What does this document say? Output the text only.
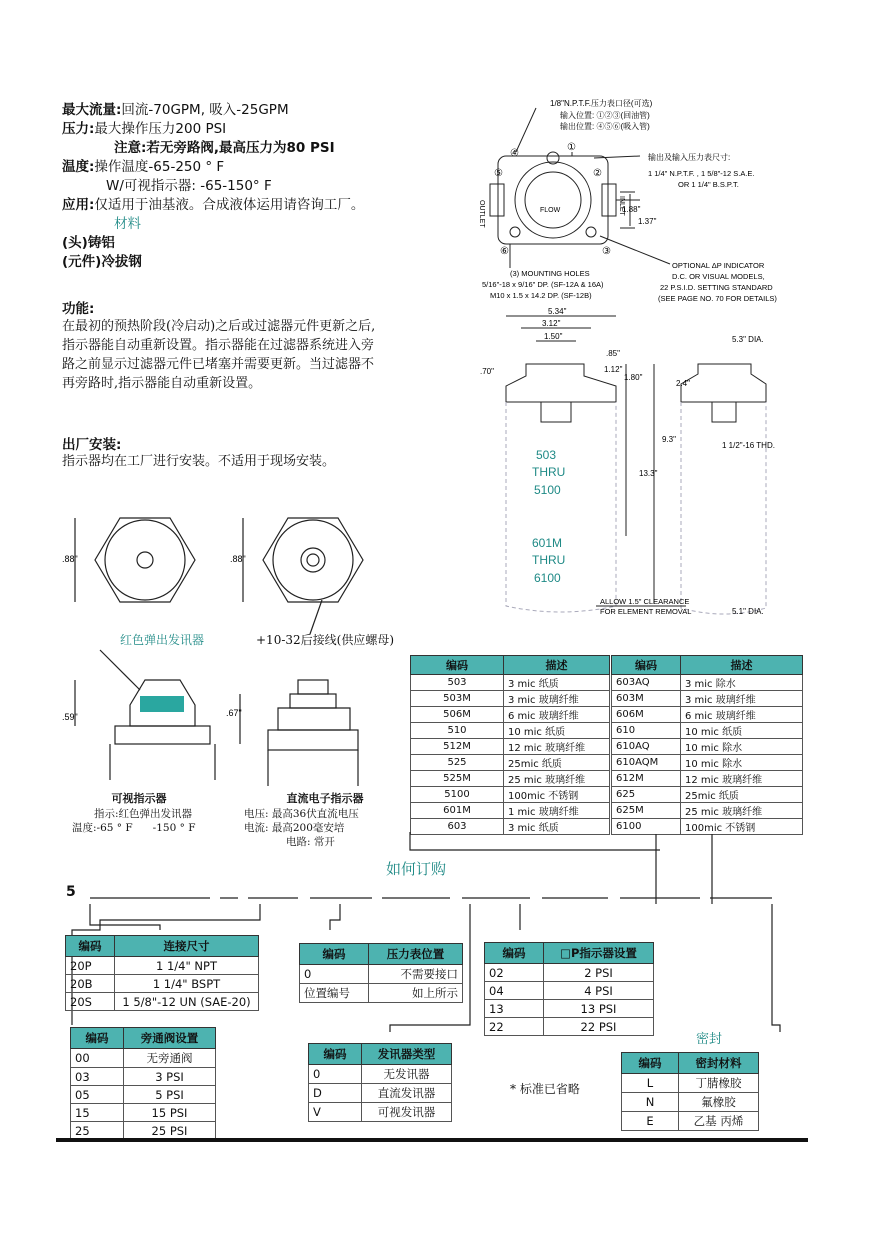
最大流量:回流-70GPM, 吸入-25GPM
压力:最大操作压力200 PSI
注意:若无旁路阀,最高压力为80 PSI
温度:操作温度-65-250 ° F
W/可视指示器: -65-150° F
应用:仅适用于油基液。合成液体运用请咨询工厂。
材料
(头)铸铝
(元件)冷拔钢
功能:
在最初的预热阶段(冷启动)之后或过滤器元件更新之后,指示器能自动重新设置。指示器能在过滤器系统进入旁路之前显示过滤器元件已堵塞并需要更新。当过滤器不再旁路时,指示器能自动重新设置。
出厂安装:
指示器均在工厂进行安装。不适用于现场安装。
OUTLET	INLET
FLOW
④
①
⑤	②
⑥	③
1/8"N.P.T.F.压力表口径(可选)
输入位置: ①②③(回油管)
输出位置: ④⑤⑥(吸入管)
输出及输入压力表尺寸:
1 1/4" N.P.T.F. , 1 5/8"-12 S.A.E.
OR 1 1/4" B.S.P.T.
1.88"
1.37"
OPTIONAL ΔP INDICATOR
D.C. OR VISUAL MODELS,
22 P.S.I.D. SETTING STANDARD
(SEE PAGE NO. 70 FOR DETAILS)
(3) MOUNTING HOLES
5/16"-18 x 9/16" DP. (SF-12A & 16A)
M10 x 1.5 x 14.2 DP. (SF-12B)
5.34"
3.12"
1.50"
.85"
.70"	1.12"
1.80"
5.3" DIA.
2.4"
1 1/2"-16 THD.
9.3"
13.3"
503
THRU
5100
601M
THRU
6100
ALLOW 1.5" CLEARANCE
FOR ELEMENT REMOVAL	5.1" DIA.
.88"	.88"
.59"	.67"
红色弹出发讯器	+10-32后接线(供应螺母)
可视指示器
指示:红色弹出发讯器
温度:-65 ° F      -150 ° F
直流电子指示器
电压: 最高36伏直流电压
电流: 最高200毫安培
电路: 常开
编码	描述
503	3 mic 纸质
503M	3 mic 玻璃纤维
506M	6 mic 玻璃纤维
510	10 mic 纸质
512M	12 mic 玻璃纤维
525	25mic 纸质
525M	25 mic 玻璃纤维
5100	100mic 不锈钢
601M	1 mic 玻璃纤维
603	3 mic 纸质
编码	描述
603AQ	3 mic 除水
603M	3 mic 玻璃纤维
606M	6 mic 玻璃纤维
610	10 mic 纸质
610AQ	10 mic 除水
610AQM	10 mic 除水
612M	12 mic 玻璃纤维
625	25mic 纸质
625M	25 mic 玻璃纤维
6100	100mic 不锈钢
如何订购
5
编码	连接尺寸
20P	1 1/4" NPT
20B	1 1/4" BSPT
20S	1 5/8"-12 UN (SAE-20)
编码	旁通阀设置
00	无旁通阀
03	3 PSI
05	5 PSI
15	15 PSI
25	25 PSI
编码	压力表位置
0	不需要接口
位置编号	如上所示
编码	发讯器类型
0	无发讯器
D	直流发讯器
V	可视发讯器
编码	□P指示器设置
02	2 PSI
04	4 PSI
13	13 PSI
22	22 PSI
* 标准已省略
密封
编码	密封材料
L	丁腈橡胶
N	氟橡胶
E	乙基 丙烯
